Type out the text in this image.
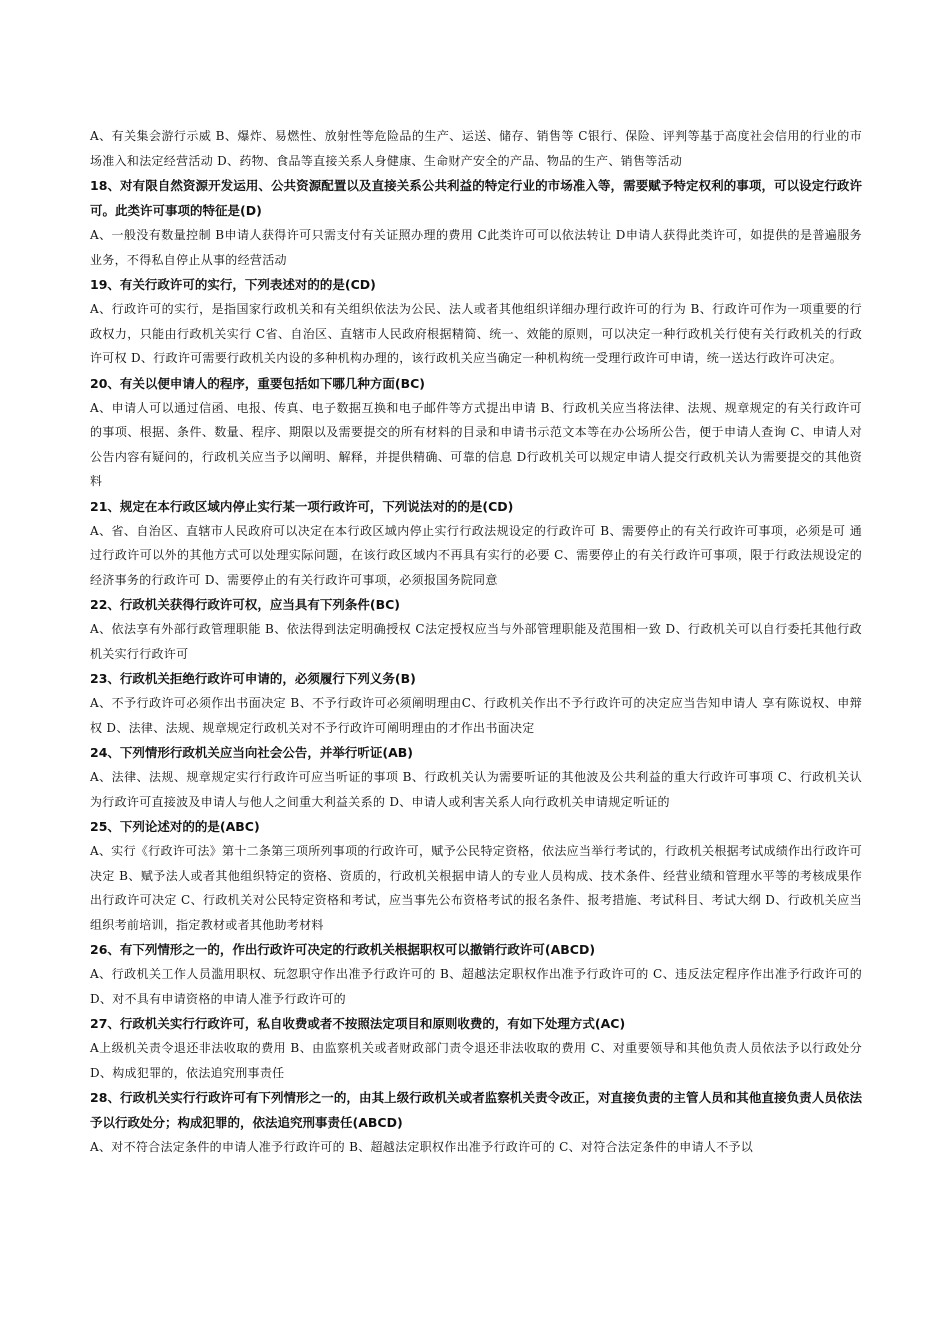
A、有关集会游行示威 B、爆炸、易燃性、放射性等危险品的生产、运送、储存、销售等 C银行、保险、评判等基于高度社会信用的行业的市场准入和法定经营活动 D、药物、食品等直接关系人身健康、生命财产安全的产品、物品的生产、销售等活动

18、对有限自然资源开发运用、公共资源配置以及直接关系公共利益的特定行业的市场准入等，需要赋予特定权利的事项，可以设定行政许可。此类许可事项的特征是(D)

A、一般没有数量控制 B申请人获得许可只需支付有关证照办理的费用 C此类许可可以依法转让 D申请人获得此类许可，如提供的是普遍服务业务，不得私自停止从事的经营活动

19、有关行政许可的实行，下列表述对的的是(CD)

A、行政许可的实行，是指国家行政机关和有关组织依法为公民、法人或者其他组织详细办理行政许可的行为 B、行政许可作为一项重要的行政权力，只能由行政机关实行 C省、自治区、直辖市人民政府根据精简、统一、效能的原则，可以决定一种行政机关行使有关行政机关的行政许可权 D、行政许可需要行政机关内设的多种机构办理的，该行政机关应当确定一种机构统一受理行政许可申请，统一送达行政许可决定。

20、有关以便申请人的程序，重要包括如下哪几种方面(BC)

A、申请人可以通过信函、电报、传真、电子数据互换和电子邮件等方式提出申请 B、行政机关应当将法律、法规、规章规定的有关行政许可的事项、根据、条件、数量、程序、期限以及需要提交的所有材料的目录和申请书示范文本等在办公场所公告，便于申请人查询 C、申请人对公告内容有疑问的，行政机关应当予以阐明、解释，并提供精确、可靠的信息 D行政机关可以规定申请人提交行政机关认为需要提交的其他资料

21、规定在本行政区域内停止实行某一项行政许可，下列说法对的的是(CD)

A、省、自治区、直辖市人民政府可以决定在本行政区域内停止实行行政法规设定的行政许可 B、需要停止的有关行政许可事项，必须是可 通过行政许可以外的其他方式可以处理实际问题，在该行政区域内不再具有实行的必要 C、需要停止的有关行政许可事项，限于行政法规设定的经济事务的行政许可 D、需要停止的有关行政许可事项，必须报国务院同意

22、行政机关获得行政许可权，应当具有下列条件(BC)

A、依法享有外部行政管理职能 B、依法得到法定明确授权 C法定授权应当与外部管理职能及范围相一致 D、行政机关可以自行委托其他行政机关实行行政许可

23、行政机关拒绝行政许可申请的，必须履行下列义务(B)

A、不予行政许可必须作出书面决定 B、不予行政许可必须阐明理由C、行政机关作出不予行政许可的决定应当告知申请人 享有陈说权、申辩权 D、法律、法规、规章规定行政机关对不予行政许可阐明理由的才作出书面决定

24、下列情形行政机关应当向社会公告，并举行听证(AB)

A、法律、法规、规章规定实行行政许可应当听证的事项 B、行政机关认为需要听证的其他波及公共利益的重大行政许可事项 C、行政机关认为行政许可直接波及申请人与他人之间重大利益关系的 D、申请人或利害关系人向行政机关申请规定听证的

25、下列论述对的的是(ABC)

A、实行《行政许可法》第十二条第三项所列事项的行政许可，赋予公民特定资格，依法应当举行考试的，行政机关根据考试成绩作出行政许可决定 B、赋予法人或者其他组织特定的资格、资质的，行政机关根据申请人的专业人员构成、技术条件、经营业绩和管理水平等的考核成果作出行政许可决定 C、行政机关对公民特定资格和考试，应当事先公布资格考试的报名条件、报考措施、考试科目、考试大纲 D、行政机关应当组织考前培训，指定教材或者其他助考材料

26、有下列情形之一的，作出行政许可决定的行政机关根据职权可以撤销行政许可(ABCD)

A、行政机关工作人员滥用职权、玩忽职守作出准予行政许可的 B、超越法定职权作出准予行政许可的 C、违反法定程序作出准予行政许可的 D、对不具有申请资格的申请人准予行政许可的

27、行政机关实行行政许可，私自收费或者不按照法定项目和原则收费的，有如下处理方式(AC)

A上级机关责令退还非法收取的费用 B、由监察机关或者财政部门责令退还非法收取的费用 C、对重要领导和其他负责人员依法予以行政处分 D、构成犯罪的，依法追究刑事责任

28、行政机关实行行政许可有下列情形之一的，由其上级行政机关或者监察机关责令改正，对直接负责的主管人员和其他直接负责人员依法予以行政处分；构成犯罪的，依法追究刑事责任(ABCD)

A、对不符合法定条件的申请人准予行政许可的 B、超越法定职权作出准予行政许可的 C、对符合法定条件的申请人不予以
